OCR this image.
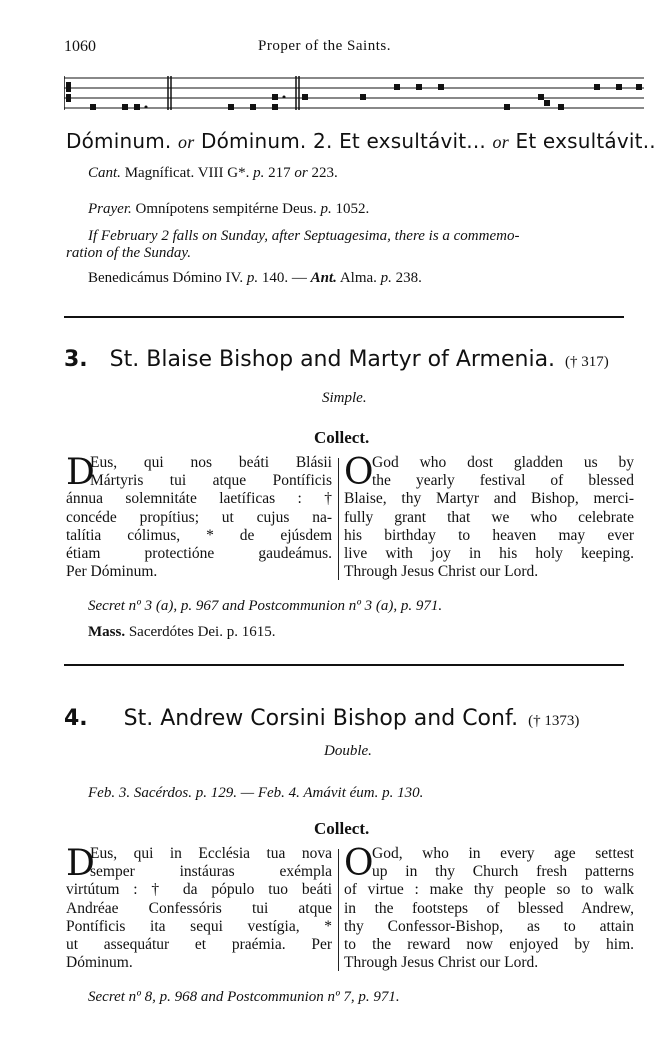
1060	Proper of the Saints.
Dóminum. or Dóminum. 2. Et exsultávit... or Et exsultávit..
Cant. Magníficat. VIII G*. p. 217 or 223.
Prayer. Omnípotens sempitérne Deus. p. 1052.
If February 2 falls on Sunday, after Septuagesima, there is a commemo-
ration of the Sunday.
Benedicámus Dómino IV. p. 140. — Ant. Alma. p. 238.
3. St. Blaise Bishop and Martyr of Armenia. († 317)
Simple.
Collect.
D
Eus, qui nos beáti Blásii
Mártyris tui atque Pontíficis
ánnua solemnitáte laetíficas : †
concéde propítius; ut cujus na-
talítia cólimus, * de ejúsdem
étiam protectióne gaudeámus.
Per Dóminum.
O
God who dost gladden us by
the yearly festival of blessed
Blaise, thy Martyr and Bishop, merci-
fully grant that we who celebrate
his birthday to heaven may ever
live with joy in his holy keeping.
Through Jesus Christ our Lord.
Secret nº 3 (a), p. 967 and Postcommunion nº 3 (a), p. 971.
Mass. Sacerdótes Dei. p. 1615.
4. St. Andrew Corsini Bishop and Conf. († 1373)
Double.
Feb. 3. Sacérdos. p. 129. — Feb. 4. Amávit éum. p. 130.
Collect.
D
Eus, qui in Ecclésia tua nova
semper instáuras exémpla
virtútum : † da pópulo tuo beáti
Andréae Confessóris tui atque
Pontíficis ita sequi vestígia, *
ut assequátur et praémia. Per
Dóminum.
O
God, who in every age settest
up in thy Church fresh patterns
of virtue : make thy people so to walk
in the footsteps of blessed Andrew,
thy Confessor-Bishop, as to attain
to the reward now enjoyed by him.
Through Jesus Christ our Lord.
Secret nº 8, p. 968 and Postcommunion nº 7, p. 971.
